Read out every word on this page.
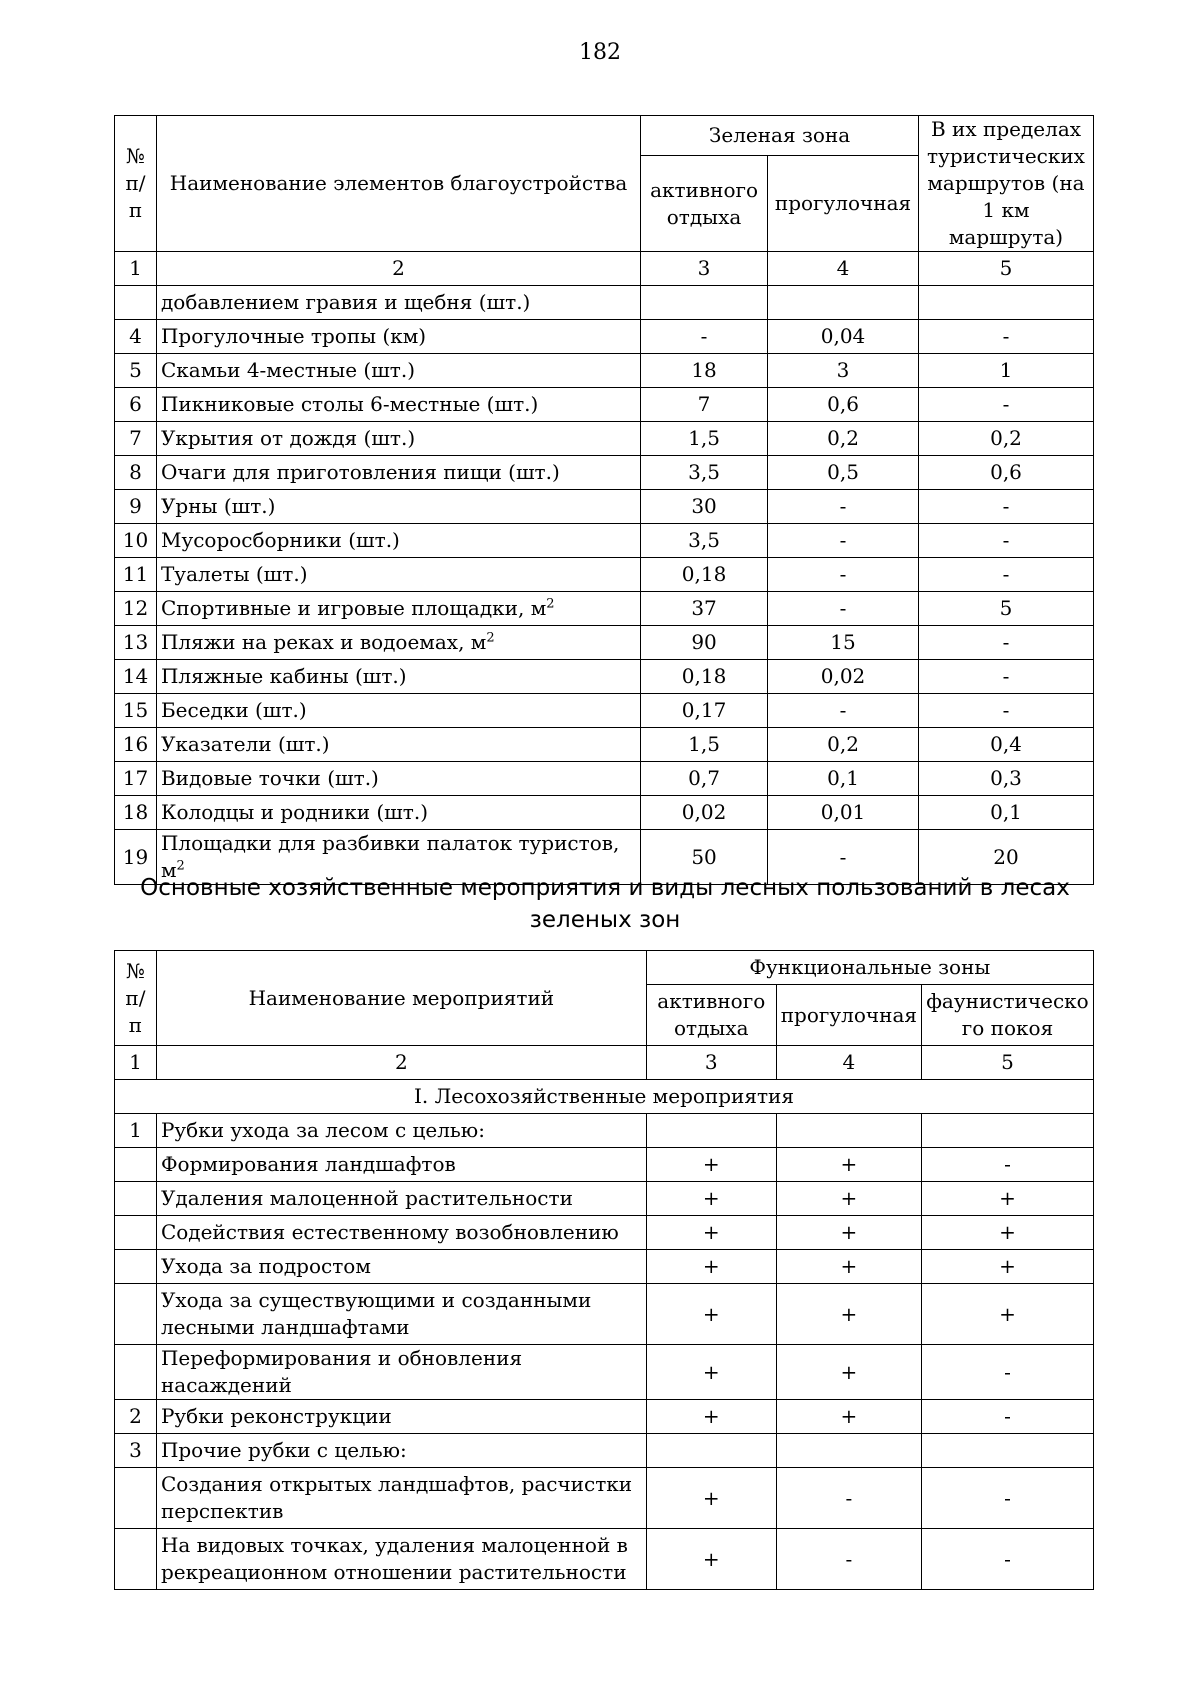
182
№ п/п	Наименование элементов благоустройства	Зеленая зона		В их пределах туристических маршрутов (на 1 км маршрута)
		активного отдыха	прогулочная	
1	2	3	4	5
	добавлением гравия и щебня (шт.)			
4	Прогулочные тропы (км)	-	0,04	-
5	Скамьи 4-местные (шт.)	18	3	1
6	Пикниковые столы 6-местные (шт.)	7	0,6	-
7	Укрытия от дождя (шт.)	1,5	0,2	0,2
8	Очаги для приготовления пищи (шт.)	3,5	0,5	0,6
9	Урны (шт.)	30	-	-
10	Мусоросборники (шт.)	3,5	-	-
11	Туалеты (шт.)	0,18	-	-
12	Спортивные и игровые площадки, $м^2$	37	-	5
13	Пляжи на реках и водоемах, $м^2$	90	15	-
14	Пляжные кабины (шт.)	0,18	0,02	-
15	Беседки (шт.)	0,17	-	-
16	Указатели (шт.)	1,5	0,2	0,4
17	Видовые точки (шт.)	0,7	0,1	0,3
18	Колодцы и родники (шт.)	0,02	0,01	0,1
19	Площадки для разбивки палаток туристов, $м^2$	50	-	20
Основные хозяйственные мероприятия и виды лесных пользований в лесах зеленых зон
№ п/п	Наименование мероприятий	Функциональные зоны		
		активного отдыха	прогулочная	фаунистическо го покоя
1	2	3	4	5
I. Лесохозяйственные мероприятия				
1	Рубки ухода за лесом с целью:			
	Формирования ландшафтов	+	+	-
	Удаления малоценной растительности	+	+	+
	Содействия естественному возобновлению	+	+	+
	Ухода за подростом	+	+	+
	Ухода за существующими и созданными лесными ландшафтами	+	+	+
	Переформирования и обновления насаждений	+	+	-
2	Рубки реконструкции	+	+	-
3	Прочие рубки с целью:			
	Создания открытых ландшафтов, расчистки перспектив	+	-	-
	На видовых точках, удаления малоценной в рекреационном отношении растительности	+	-	-
